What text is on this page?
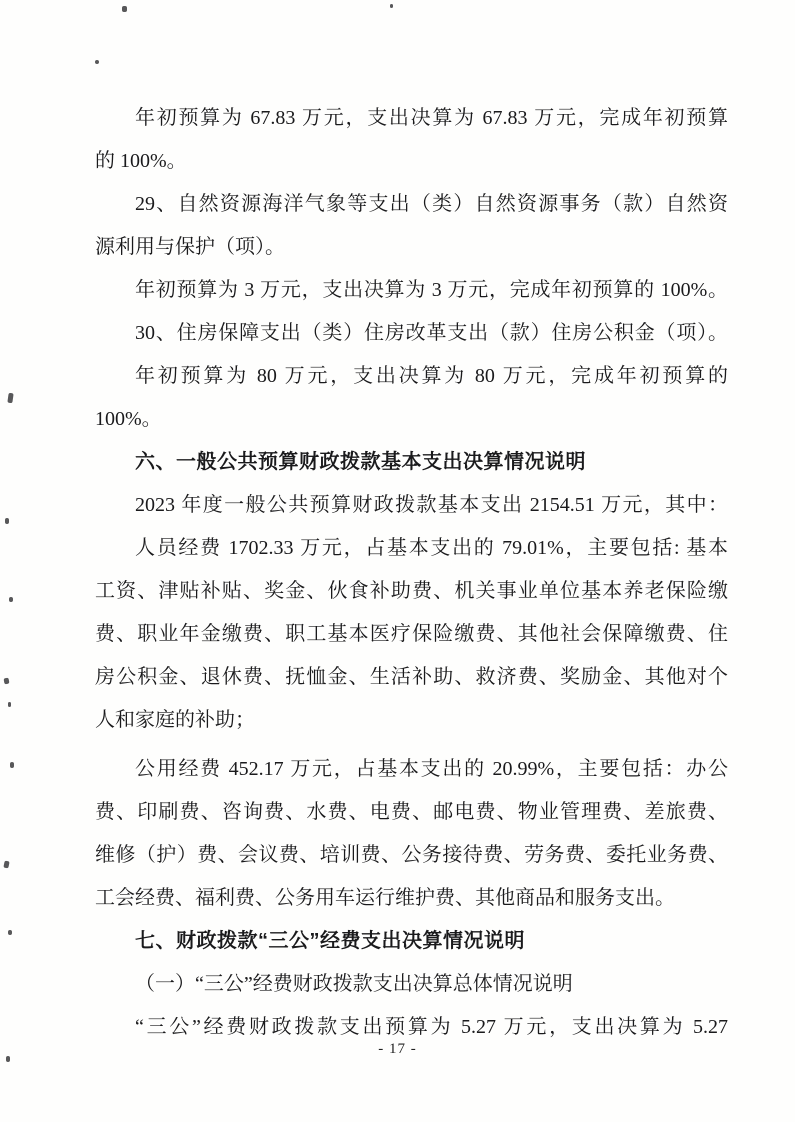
年初预算为 67.83 万元，支出决算为 67.83 万元，完成年初预算
的 100%。

29、自然资源海洋气象等支出（类）自然资源事务（款）自然资
源利用与保护（项）。

年初预算为 3 万元，支出决算为 3 万元，完成年初预算的 100%。

30、住房保障支出（类）住房改革支出（款）住房公积金（项）。

年初预算为 80 万元，支出决算为 80 万元，完成年初预算的
100%。

六、一般公共预算财政拨款基本支出决算情况说明

2023 年度一般公共预算财政拨款基本支出 2154.51 万元，其中：

人员经费 1702.33 万元，占基本支出的 79.01%，主要包括: 基本
工资、津贴补贴、奖金、伙食补助费、机关事业单位基本养老保险缴
费、职业年金缴费、职工基本医疗保险缴费、其他社会保障缴费、住
房公积金、退休费、抚恤金、生活补助、救济费、奖励金、其他对个
人和家庭的补助；

公用经费 452.17 万元，占基本支出的 20.99%，主要包括：办公
费、印刷费、咨询费、水费、电费、邮电费、物业管理费、差旅费、
维修（护）费、会议费、培训费、公务接待费、劳务费、委托业务费、
工会经费、福利费、公务用车运行维护费、其他商品和服务支出。

七、财政拨款“三公”经费支出决算情况说明

（一）“三公”经费财政拨款支出决算总体情况说明

“三公”经费财政拨款支出预算为 5.27 万元，支出决算为 5.27

- 17 -
